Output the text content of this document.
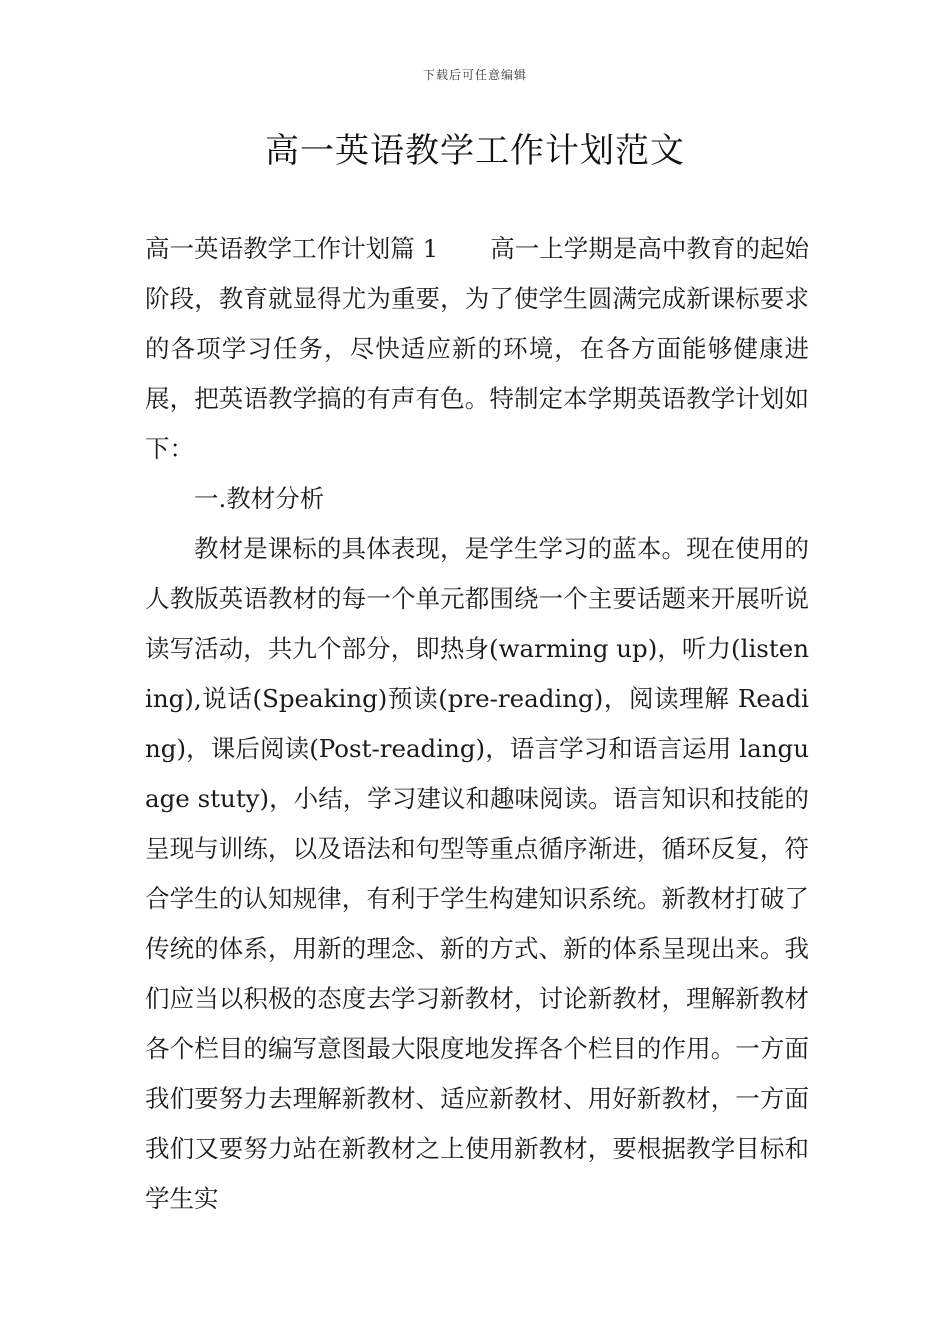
下载后可任意编辑
高一英语教学工作计划范文

高一英语教学工作计划篇 1 高一上学期是高中教育的起始阶段，教育就显得尤为重要，为了使学生圆满完成新课标要求的各项学习任务，尽快适应新的环境，在各方面能够健康进展，把英语教学搞的有声有色。特制定本学期英语教学计划如下：

一.教材分析

教材是课标的具体表现，是学生学习的蓝本。现在使用的人教版英语教材的每一个单元都围绕一个主要话题来开展听说读写活动，共九个部分，即热身(warming up)，听力(listening),说话(Speaking)预读(pre-reading)，阅读理解 Reading)，课后阅读(Post-reading)，语言学习和语言运用 language stuty)，小结，学习建议和趣味阅读。语言知识和技能的呈现与训练，以及语法和句型等重点循序渐进，循环反复，符合学生的认知规律，有利于学生构建知识系统。新教材打破了传统的体系，用新的理念、新的方式、新的体系呈现出来。我们应当以积极的态度去学习新教材，讨论新教材，理解新教材各个栏目的编写意图最大限度地发挥各个栏目的作用。一方面我们要努力去理解新教材、适应新教材、用好新教材，一方面我们又要努力站在新教材之上使用新教材，要根据教学目标和学生实
